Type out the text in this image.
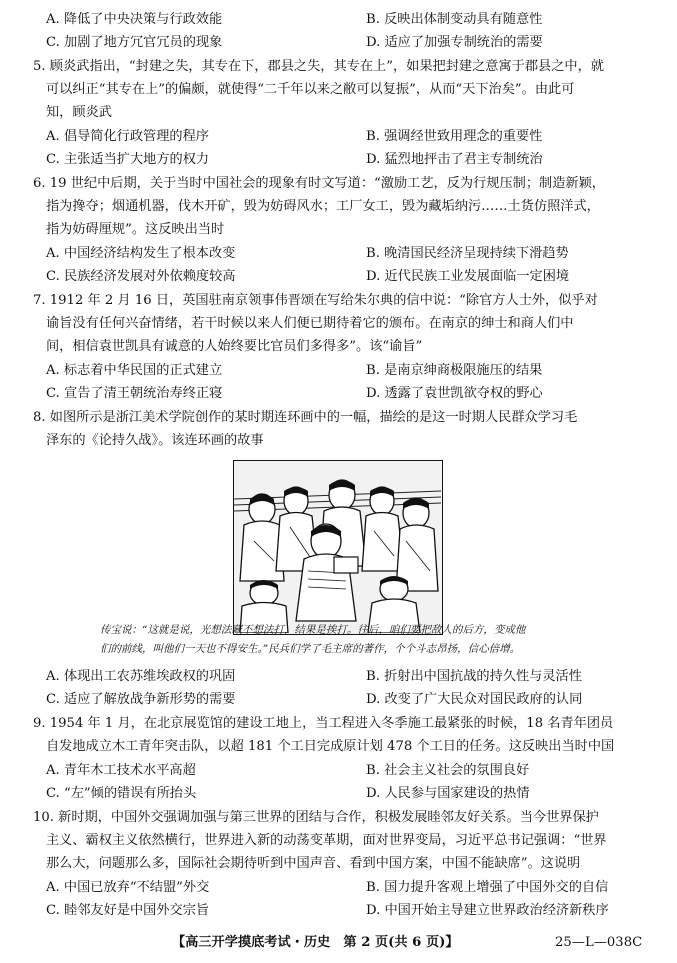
A. 降低了中央决策与行政效能	B. 反映出体制变动具有随意性
C. 加剧了地方冗官冗员的现象	D. 适应了加强专制统治的需要
5. 顾炎武指出，“封建之失，其专在下，郡县之失，其专在上”，如果把封建之意寓于郡县之中，就
可以纠正“其专在上”的偏颇，就使得“二千年以来之敝可以复振”，从而“天下治矣”。由此可
知，顾炎武
A. 倡导简化行政管理的程序	B. 强调经世致用理念的重要性
C. 主张适当扩大地方的权力	D. 猛烈地抨击了君主专制统治
6. 19 世纪中后期，关于当时中国社会的现象有时文写道：“激励工艺，反为行规压制；制造新颖，
指为搀夺；烟通机器，伐木开矿，毁为妨碍风水；工厂女工，毁为藏垢纳污……土货仿照洋式，
指为妨碍厘规”。这反映出当时
A. 中国经济结构发生了根本改变	B. 晚清国民经济呈现持续下滑趋势
C. 民族经济发展对外依赖度较高	D. 近代民族工业发展面临一定困境
7. 1912 年 2 月 16 日，英国驻南京领事伟晋颂在写给朱尔典的信中说：“除官方人士外，似乎对
谕旨没有任何兴奋情绪，若干时候以来人们便已期待着它的颁布。在南京的绅士和商人们中
间，相信袁世凯具有诚意的人始终要比官员们多得多”。该“谕旨”
A. 标志着中华民国的正式建立	B. 是南京绅商极限施压的结果
C. 宣告了清王朝统治寿终正寝	D. 透露了袁世凯欲夺权的野心
8. 如图所示是浙江美术学院创作的某时期连环画中的一幅，描绘的是这一时期人民群众学习毛
泽东的《论持久战》。该连环画的故事
传宝说：“这就是说，光想法藏不想法打，结果是挨打。往后，咱们要把敌人的后方，变成他
们的前线，叫他们一天也不得安生。”民兵们学了毛主席的著作，个个斗志昂扬，信心倍增。
A. 体现出工农苏维埃政权的巩固	B. 折射出中国抗战的持久性与灵活性
C. 适应了解放战争新形势的需要	D. 改变了广大民众对国民政府的认同
9. 1954 年 1 月，在北京展览馆的建设工地上，当工程进入冬季施工最紧张的时候，18 名青年团员
自发地成立木工青年突击队，以超 181 个工日完成原计划 478 个工日的任务。这反映出当时中国
A. 青年木工技术水平高超	B. 社会主义社会的氛围良好
C. “左”倾的错误有所抬头	D. 人民参与国家建设的热情
10. 新时期，中国外交强调加强与第三世界的团结与合作，积极发展睦邻友好关系。当今世界保护
主义、霸权主义依然横行，世界进入新的动荡变革期，面对世界变局，习近平总书记强调：“世界
那么大，问题那么多，国际社会期待听到中国声音、看到中国方案，中国不能缺席”。这说明
A. 中国已放弃“不结盟”外交	B. 国力提升客观上增强了中国外交的自信
C. 睦邻友好是中国外交宗旨	D. 中国开始主导建立世界政治经济新秩序
【高三开学摸底考试・历史　第 2 页(共 6 页)】	25—L—038C
